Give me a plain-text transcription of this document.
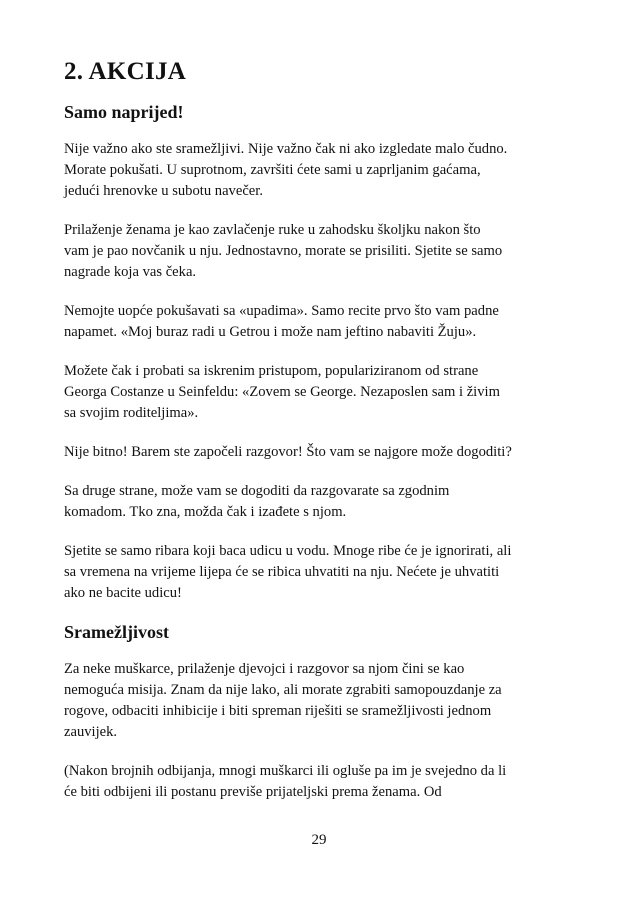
2. AKCIJA
Samo naprijed!

Nije važno ako ste sramežljivi. Nije važno čak ni ako izgledate malo čudno.
Morate pokušati. U suprotnom, završiti ćete sami u zaprljanim gaćama,
jedući hrenovke u subotu navečer.

Prilaženje ženama je kao zavlačenje ruke u zahodsku školjku nakon što
vam je pao novčanik u nju. Jednostavno, morate se prisiliti. Sjetite se samo
nagrade koja vas čeka.

Nemojte uopće pokušavati sa «upadima». Samo recite prvo što vam padne
napamet. «Moj buraz radi u Getrou i može nam jeftino nabaviti Žuju».

Možete čak i probati sa iskrenim pristupom, populariziranom od strane
Georga Costanze u Seinfeldu: «Zovem se George. Nezaposlen sam i živim
sa svojim roditeljima».

Nije bitno! Barem ste započeli razgovor! Što vam se najgore može dogoditi?

Sa druge strane, može vam se dogoditi da razgovarate sa zgodnim
komadom. Tko zna, možda čak i izađete s njom.

Sjetite se samo ribara koji baca udicu u vodu. Mnoge ribe će je ignorirati, ali
sa vremena na vrijeme lijepa će se ribica uhvatiti na nju. Nećete je uhvatiti
ako ne bacite udicu!

Sramežljivost

Za neke muškarce, prilaženje djevojci i razgovor sa njom čini se kao
nemoguća misija. Znam da nije lako, ali morate zgrabiti samopouzdanje za
rogove, odbaciti inhibicije i biti spreman riješiti se sramežljivosti jednom
zauvijek.

(Nakon brojnih odbijanja, mnogi muškarci ili ogluše pa im je svejedno da li
će biti odbijeni ili postanu previše prijateljski prema ženama. Od

29
